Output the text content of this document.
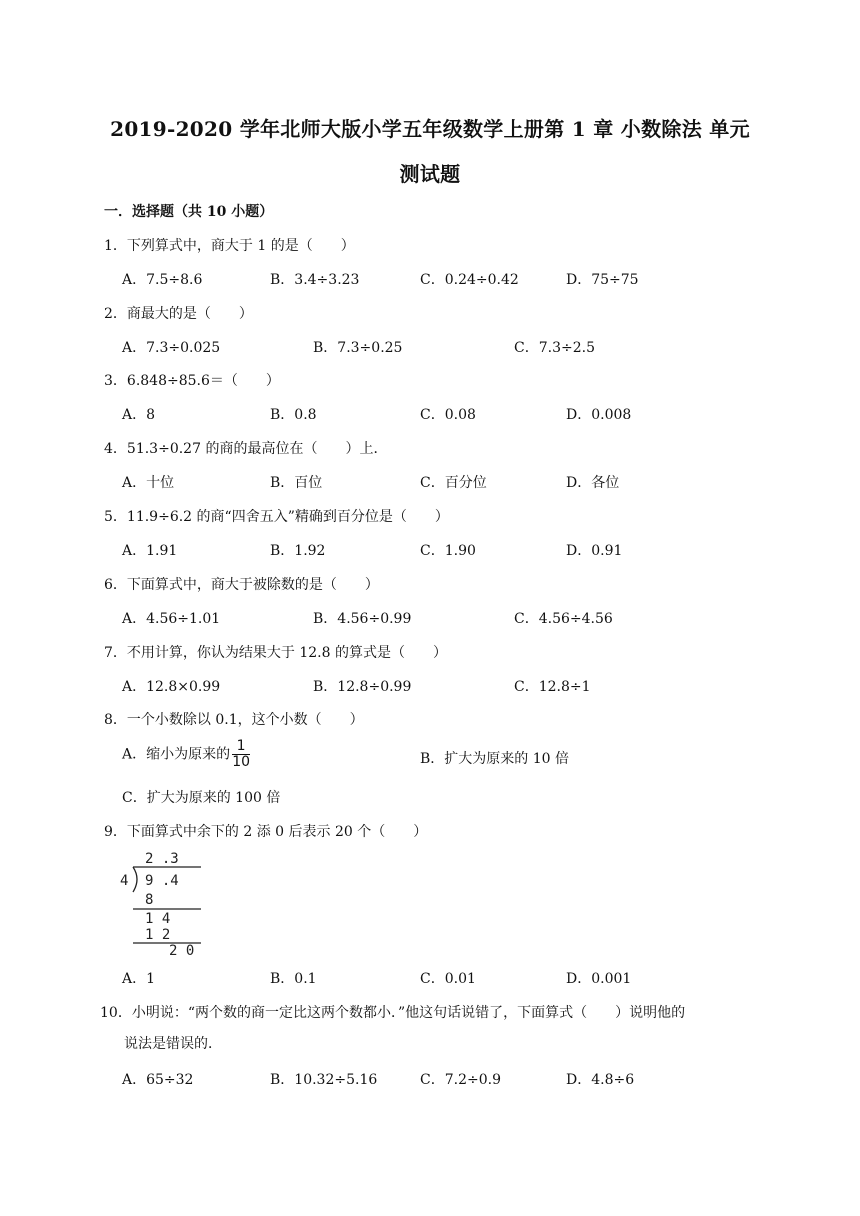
2019-2020 学年北师大版小学五年级数学上册第 1 章 小数除法 单元
测试题
一．选择题（共 10 小题）
1．下列算式中，商大于 1 的是（　　）
A．7.5÷8.6	B．3.4÷3.23	C．0.24÷0.42	D．75÷75
2．商最大的是（　　）
A．7.3÷0.025	B．7.3÷0.25	C．7.3÷2.5
3．6.848÷85.6＝（　　）
A．8	B．0.8	C．0.08	D．0.008
4．51.3÷0.27 的商的最高位在（　　）上．
A．十位	B．百位	C．百分位	D．各位
5．11.9÷6.2 的商“四舍五入”精确到百分位是（　　）
A．1.91	B．1.92	C．1.90	D．0.91
6．下面算式中，商大于被除数的是（　　）
A．4.56÷1.01	B．4.56÷0.99	C．4.56÷4.56
7．不用计算，你认为结果大于 12.8 的算式是（　　）
A．12.8×0.99	B．12.8÷0.99	C．12.8÷1
8．一个小数除以 0.1，这个小数（　　）
A．缩小为原来的 $\frac{1}{10}$	B．扩大为原来的 10 倍
C．扩大为原来的 100 倍
9．下面算式中余下的 2 添 0 后表示 20 个（　　）
2 .3
4 9 .4
8
1 4
1 2
2 0
A．1	B．0.1	C．0.01	D．0.001
10．小明说：“两个数的商一定比这两个数都小．”他这句话说错了，下面算式（　　）说明他的
说法是错误的．
A．65÷32	B．10.32÷5.16	C．7.2÷0.9	D．4.8÷6
